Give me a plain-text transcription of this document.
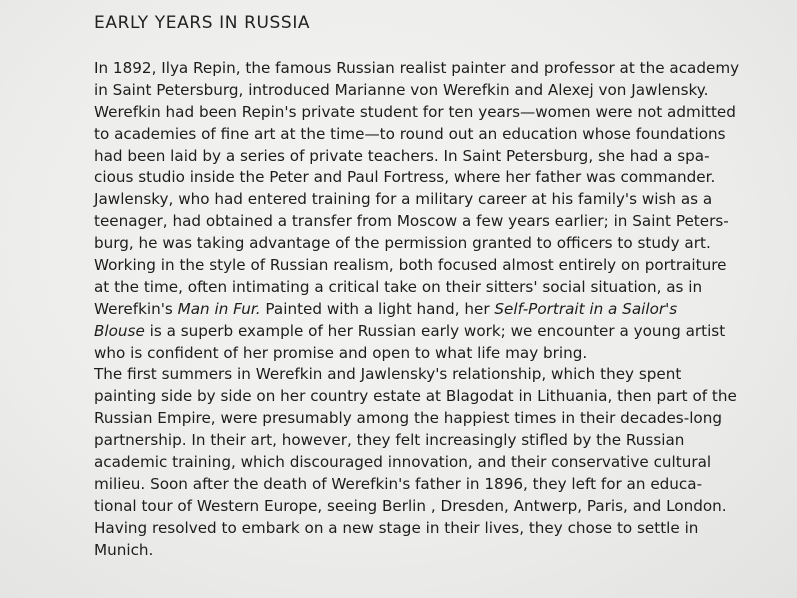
EARLY YEARS IN RUSSIA
In 1892, Ilya Repin, the famous Russian realist painter and professor at the academy
in Saint Petersburg, introduced Marianne von Werefkin and Alexej von Jawlensky.
Werefkin had been Repin's private student for ten years—women were not admitted
to academies of fine art at the time—to round out an education whose foundations
had been laid by a series of private teachers. In Saint Petersburg, she had a spa-
cious studio inside the Peter and Paul Fortress, where her father was commander.
Jawlensky, who had entered training for a military career at his family's wish as a
teenager, had obtained a transfer from Moscow a few years earlier; in Saint Peters-
burg, he was taking advantage of the permission granted to officers to study art.
Working in the style of Russian realism, both focused almost entirely on portraiture
at the time, often intimating a critical take on their sitters' social situation, as in
Werefkin's Man in Fur. Painted with a light hand, her Self-Portrait in a Sailor's
Blouse is a superb example of her Russian early work; we encounter a young artist
who is confident of her promise and open to what life may bring.
The first summers in Werefkin and Jawlensky's relationship, which they spent
painting side by side on her country estate at Blagodat in Lithuania, then part of the
Russian Empire, were presumably among the happiest times in their decades-long
partnership. In their art, however, they felt increasingly stifled by the Russian
academic training, which discouraged innovation, and their conservative cultural
milieu. Soon after the death of Werefkin's father in 1896, they left for an educa-
tional tour of Western Europe, seeing Berlin , Dresden, Antwerp, Paris, and London.
Having resolved to embark on a new stage in their lives, they chose to settle in
Munich.
